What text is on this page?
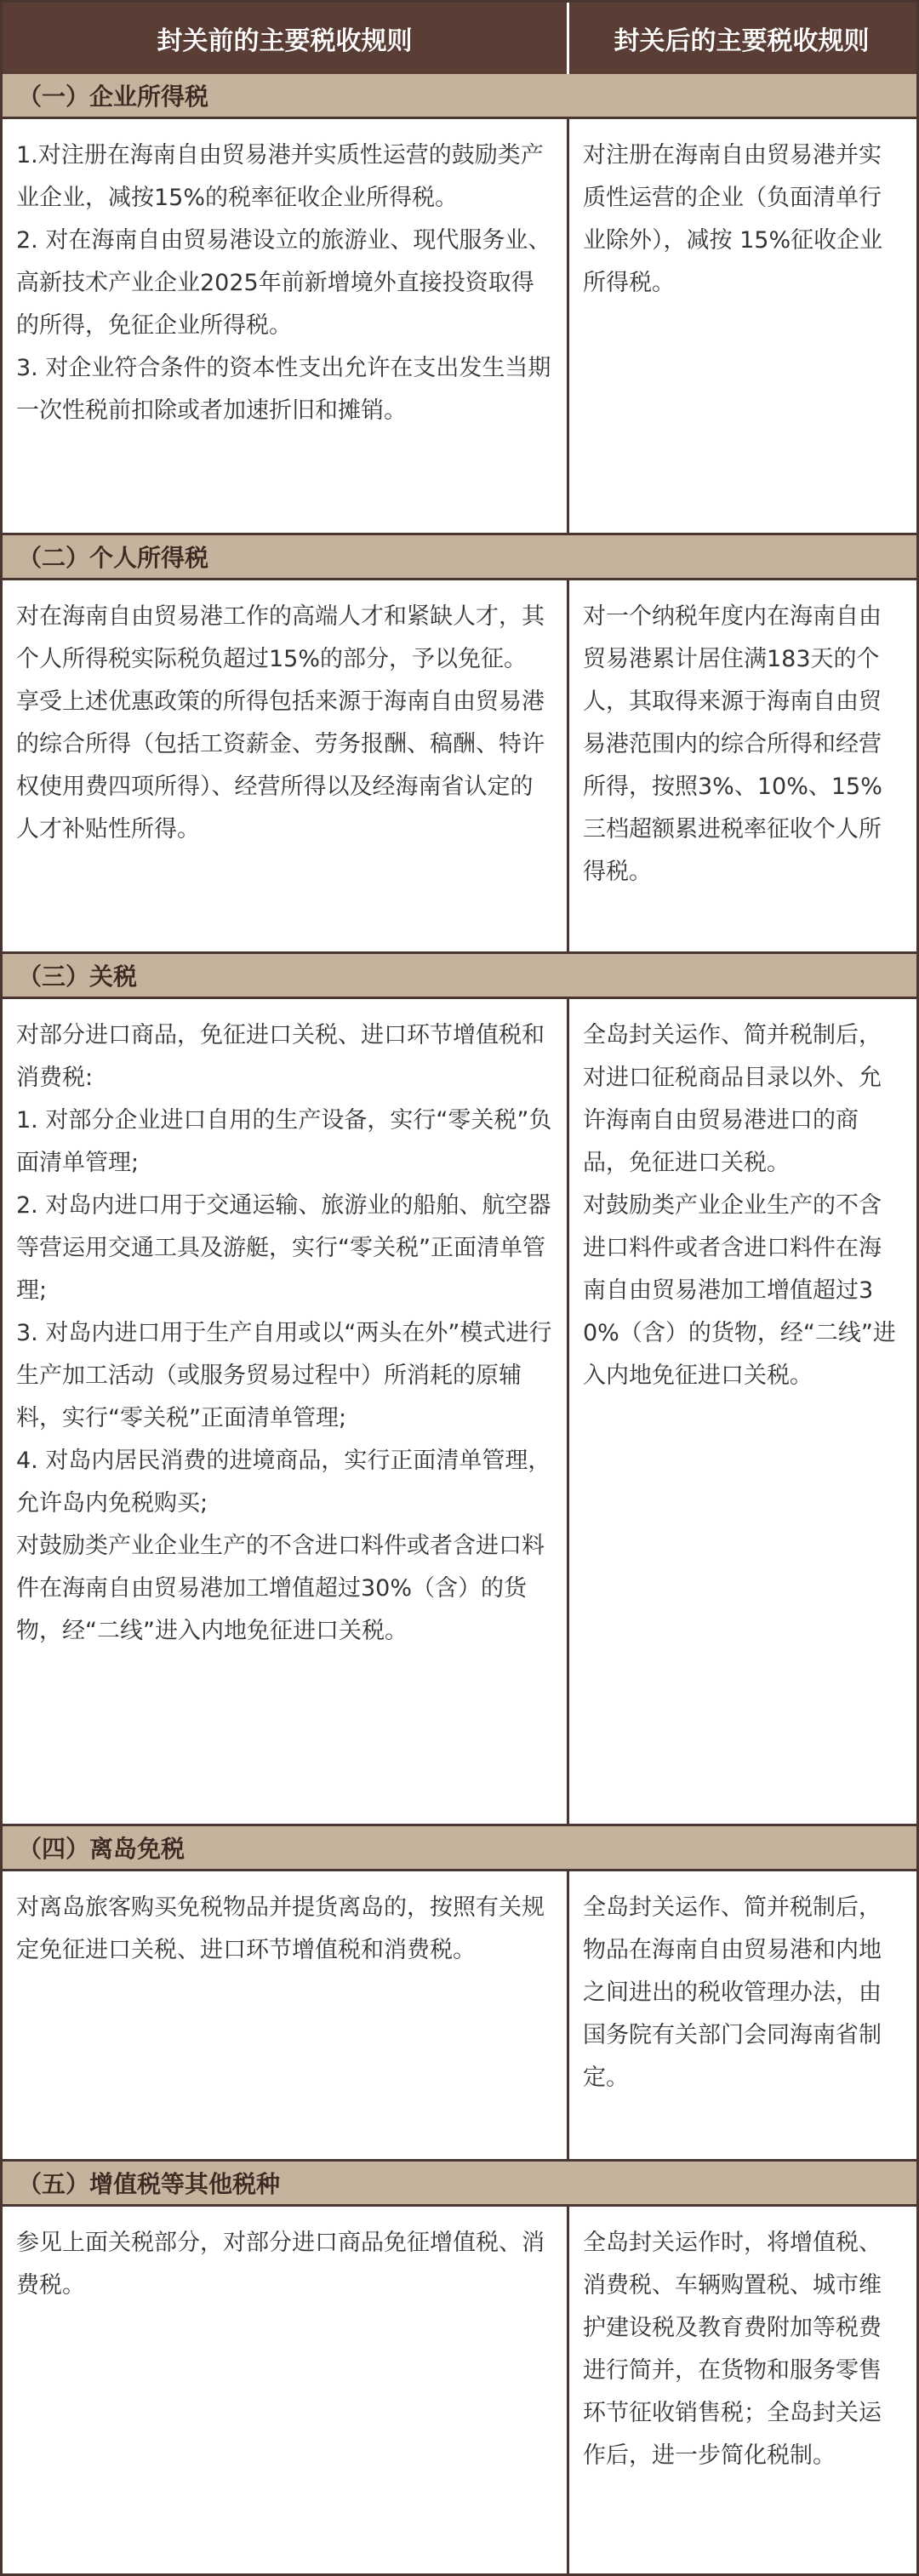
封关前的主要税收规则	封关后的主要税收规则
（一）企业所得税

1.对注册在海南自由贸易港并实质性运营的鼓励类产业企业，减按15%的税率征收企业所得税。

2. 对在海南自由贸易港设立的旅游业、现代服务业、高新技术产业企业2025年前新增境外直接投资取得的所得，免征企业所得税。

3. 对企业符合条件的资本性支出允许在支出发生当期一次性税前扣除或者加速折旧和摊销。

对注册在海南自由贸易港并实质性运营的企业（负面清单行业除外），减按 15%征收企业所得税。

（二）个人所得税

对在海南自由贸易港工作的高端人才和紧缺人才，其个人所得税实际税负超过15%的部分，予以免征。

享受上述优惠政策的所得包括来源于海南自由贸易港的综合所得（包括工资薪金、劳务报酬、稿酬、特许权使用费四项所得）、经营所得以及经海南省认定的人才补贴性所得。

对一个纳税年度内在海南自由贸易港累计居住满183天的个人，其取得来源于海南自由贸易港范围内的综合所得和经营所得，按照3%、10%、15%三档超额累进税率征收个人所得税。

（三）关税

对部分进口商品，免征进口关税、进口环节增值税和消费税:

1. 对部分企业进口自用的生产设备，实行“零关税”负面清单管理;

2. 对岛内进口用于交通运输、旅游业的船舶、航空器等营运用交通工具及游艇，实行“零关税”正面清单管理;

3. 对岛内进口用于生产自用或以“两头在外”模式进行生产加工活动（或服务贸易过程中）所消耗的原辅料，实行“零关税”正面清单管理;

4. 对岛内居民消费的进境商品，实行正面清单管理，允许岛内免税购买;

对鼓励类产业企业生产的不含进口料件或者含进口料件在海南自由贸易港加工增值超过30%（含）的货物，经“二线”进入内地免征进口关税。

全岛封关运作、简并税制后，对进口征税商品目录以外、允许海南自由贸易港进口的商品，免征进口关税。

对鼓励类产业企业生产的不含进口料件或者含进口料件在海南自由贸易港加工增值超过30%（含）的货物，经“二线”进入内地免征进口关税。

（四）离岛免税

对离岛旅客购买免税物品并提货离岛的，按照有关规定免征进口关税、进口环节增值税和消费税。

全岛封关运作、简并税制后，物品在海南自由贸易港和内地之间进出的税收管理办法，由国务院有关部门会同海南省制定。

（五）增值税等其他税种

参见上面关税部分，对部分进口商品免征增值税、消费税。

全岛封关运作时，将增值税、消费税、车辆购置税、城市维护建设税及教育费附加等税费进行简并，在货物和服务零售环节征收销售税；全岛封关运作后，进一步简化税制。
